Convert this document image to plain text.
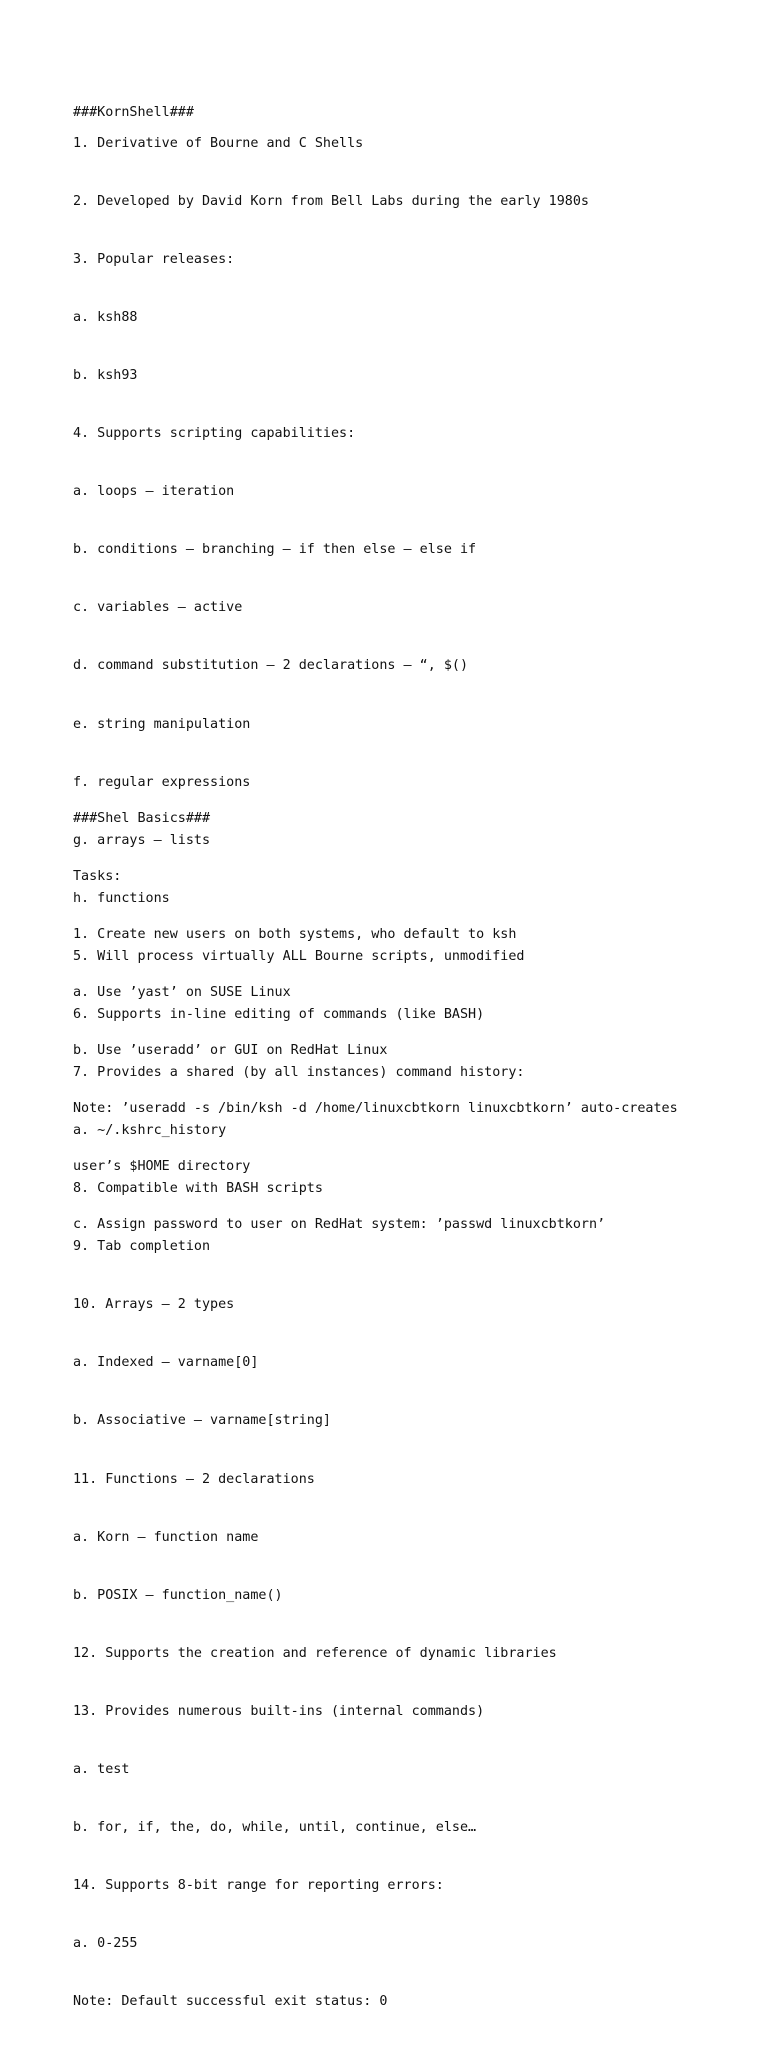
###KornShell###

1. Derivative of Bourne and C Shells

2. Developed by David Korn from Bell Labs during the early 1980s

3. Popular releases:

a. ksh88

b. ksh93

4. Supports scripting capabilities:

a. loops – iteration

b. conditions – branching – if then else – else if

c. variables – active

d. command substitution – 2 declarations – “, $()

e. string manipulation

f. regular expressions

g. arrays – lists

h. functions

5. Will process virtually ALL Bourne scripts, unmodified

6. Supports in-line editing of commands (like BASH)

7. Provides a shared (by all instances) command history:

a. ~/.kshrc_history

8. Compatible with BASH scripts

9. Tab completion

10. Arrays – 2 types

a. Indexed – varname[0]

b. Associative – varname[string]

11. Functions – 2 declarations

a. Korn – function name

b. POSIX – function_name()

12. Supports the creation and reference of dynamic libraries

13. Provides numerous built-ins (internal commands)

a. test

b. for, if, the, do, while, until, continue, else…

14. Supports 8-bit range for reporting errors:

a. 0-255

Note: Default successful exit status: 0

###Shel Basics###

Tasks:

1. Create new users on both systems, who default to ksh

a. Use ’yast’ on SUSE Linux

b. Use ’useradd’ or GUI on RedHat Linux

Note: ’useradd -s /bin/ksh -d /home/linuxcbtkorn linuxcbtkorn’ auto-creates

user’s $HOME directory

c. Assign password to user on RedHat system: ’passwd linuxcbtkorn’
